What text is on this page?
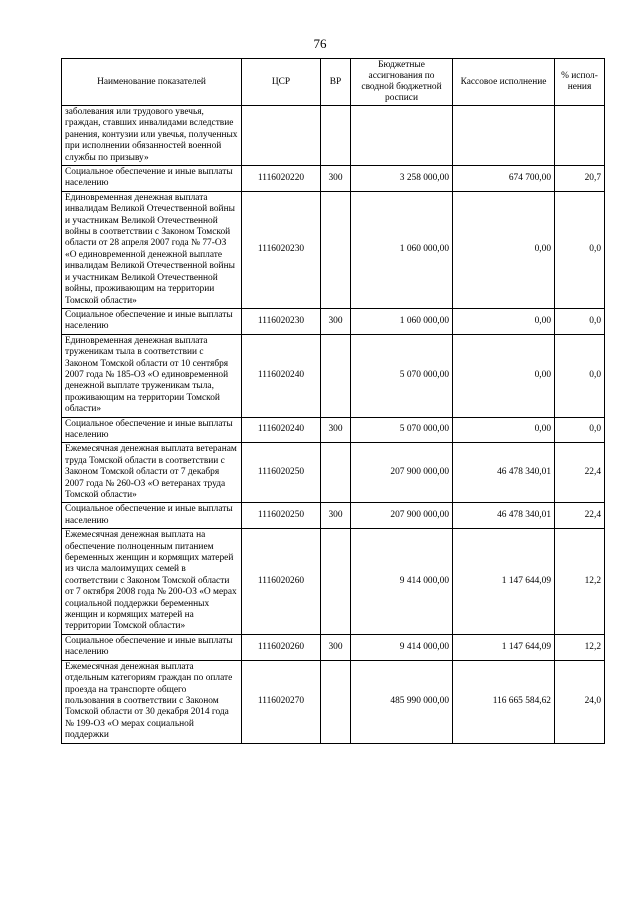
76
Наименование показателей	ЦСР	ВР	Бюджетные ассигнования по сводной бюджетной росписи	Кассовое исполнение	% испол-нения
заболевания или трудового увечья, граждан, ставших инвалидами вследствие ранения, контузии или увечья, полученных при исполнении обязанностей военной службы по призыву»					
Социальное обеспечение и иные выплаты населению	1116020220	300	3 258 000,00	674 700,00	20,7
Единовременная денежная выплата инвалидам Великой Отечественной войны и участникам Великой Отечественной войны в соответствии с Законом Томской области от 28 апреля 2007 года № 77-ОЗ «О единовременной денежной выплате инвалидам Великой Отечественной войны и участникам Великой Отечественной войны, проживающим на территории Томской области»	1116020230		1 060 000,00	0,00	0,0
Социальное обеспечение и иные выплаты населению	1116020230	300	1 060 000,00	0,00	0,0
Единовременная денежная выплата труженикам тыла в соответствии с Законом Томской области от 10 сентября 2007 года № 185-ОЗ «О единовременной денежной выплате труженикам тыла, проживающим на территории Томской области»	1116020240		5 070 000,00	0,00	0,0
Социальное обеспечение и иные выплаты населению	1116020240	300	5 070 000,00	0,00	0,0
Ежемесячная денежная выплата ветеранам труда Томской области в соответствии с Законом Томской области от 7 декабря 2007 года № 260-ОЗ «О ветеранах труда Томской области»	1116020250		207 900 000,00	46 478 340,01	22,4
Социальное обеспечение и иные выплаты населению	1116020250	300	207 900 000,00	46 478 340,01	22,4
Ежемесячная денежная выплата на обеспечение полноценным питанием беременных женщин и кормящих матерей из числа малоимущих семей в соответствии с Законом Томской области от 7 октября 2008 года № 200-ОЗ «О мерах социальной поддержки беременных женщин и кормящих матерей на территории Томской области»	1116020260		9 414 000,00	1 147 644,09	12,2
Социальное обеспечение и иные выплаты населению	1116020260	300	9 414 000,00	1 147 644,09	12,2
Ежемесячная денежная выплата отдельным категориям граждан по оплате проезда на транспорте общего пользования в соответствии с Законом Томской области от 30 декабря 2014 года № 199-ОЗ «О мерах социальной поддержки	1116020270		485 990 000,00	116 665 584,62	24,0
